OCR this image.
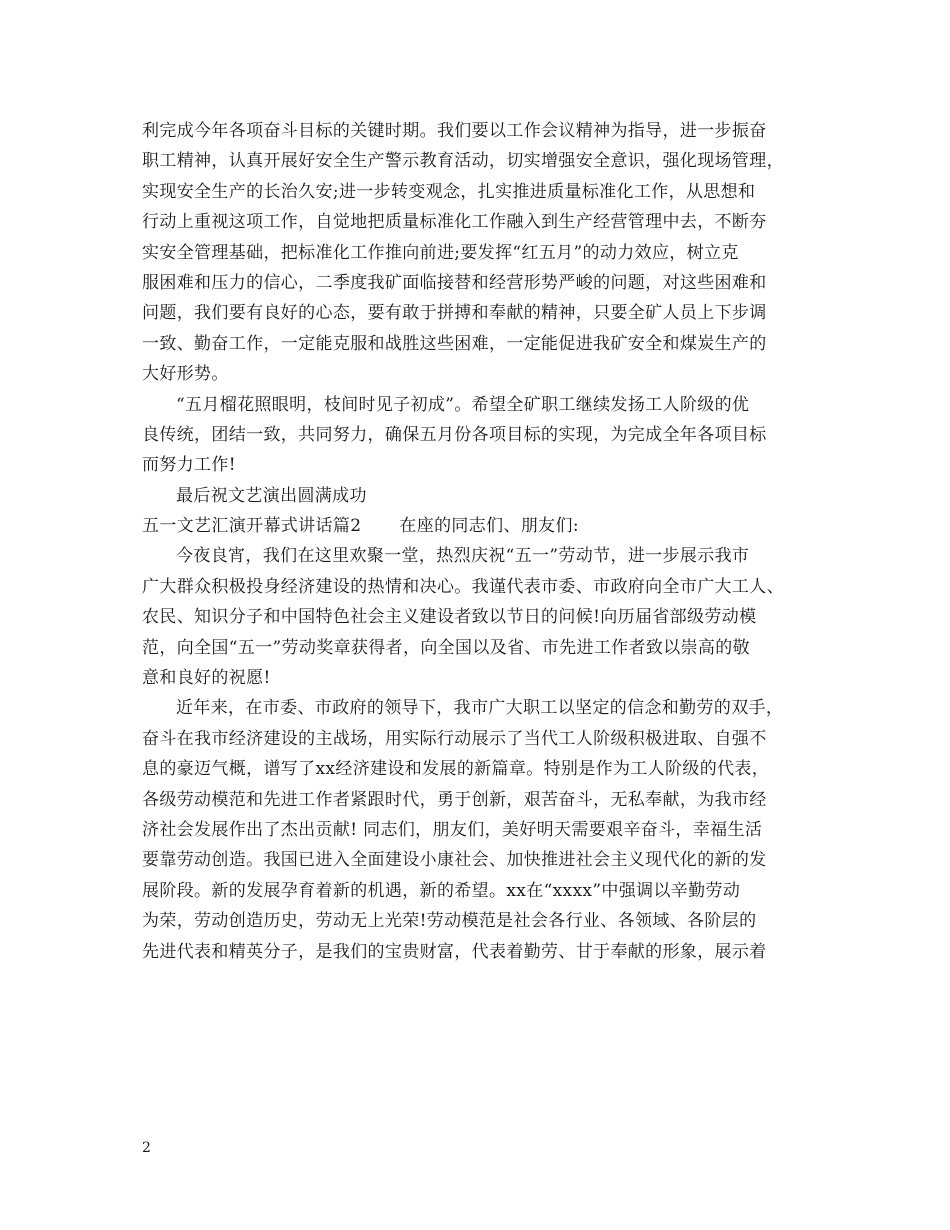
利完成今年各项奋斗目标的关键时期。我们要以工作会议精神为指导，进一步振奋
职工精神，认真开展好安全生产警示教育活动，切实增强安全意识，强化现场管理，
实现安全生产的长治久安;进一步转变观念，扎实推进质量标准化工作，从思想和
行动上重视这项工作，自觉地把质量标准化工作融入到生产经营管理中去，不断夯
实安全管理基础，把标准化工作推向前进;要发挥“红五月”的动力效应，树立克
服困难和压力的信心，二季度我矿面临接替和经营形势严峻的问题，对这些困难和
问题，我们要有良好的心态，要有敢于拼搏和奉献的精神，只要全矿人员上下步调
一致、勤奋工作，一定能克服和战胜这些困难，一定能促进我矿安全和煤炭生产的
大好形势。
“五月榴花照眼明，枝间时见子初成”。希望全矿职工继续发扬工人阶级的优
良传统，团结一致，共同努力，确保五月份各项目标的实现，为完成全年各项目标
而努力工作!
最后祝文艺演出圆满成功
五一文艺汇演开幕式讲话篇2 在座的同志们、朋友们:
今夜良宵，我们在这里欢聚一堂，热烈庆祝“五一”劳动节，进一步展示我市
广大群众积极投身经济建设的热情和决心。我谨代表市委、市政府向全市广大工人、
农民、知识分子和中国特色社会主义建设者致以节日的问候!向历届省部级劳动模
范，向全国“五一”劳动奖章获得者，向全国以及省、市先进工作者致以崇高的敬
意和良好的祝愿!
近年来，在市委、市政府的领导下，我市广大职工以坚定的信念和勤劳的双手，
奋斗在我市经济建设的主战场，用实际行动展示了当代工人阶级积极进取、自强不
息的豪迈气概，谱写了xx经济建设和发展的新篇章。特别是作为工人阶级的代表，
各级劳动模范和先进工作者紧跟时代，勇于创新，艰苦奋斗，无私奉献，为我市经
济社会发展作出了杰出贡献! 同志们，朋友们，美好明天需要艰辛奋斗，幸福生活
要靠劳动创造。我国已进入全面建设小康社会、加快推进社会主义现代化的新的发
展阶段。新的发展孕育着新的机遇，新的希望。xx在“xxxx”中强调以辛勤劳动
为荣，劳动创造历史，劳动无上光荣!劳动模范是社会各行业、各领域、各阶层的
先进代表和精英分子，是我们的宝贵财富，代表着勤劳、甘于奉献的形象，展示着
2
